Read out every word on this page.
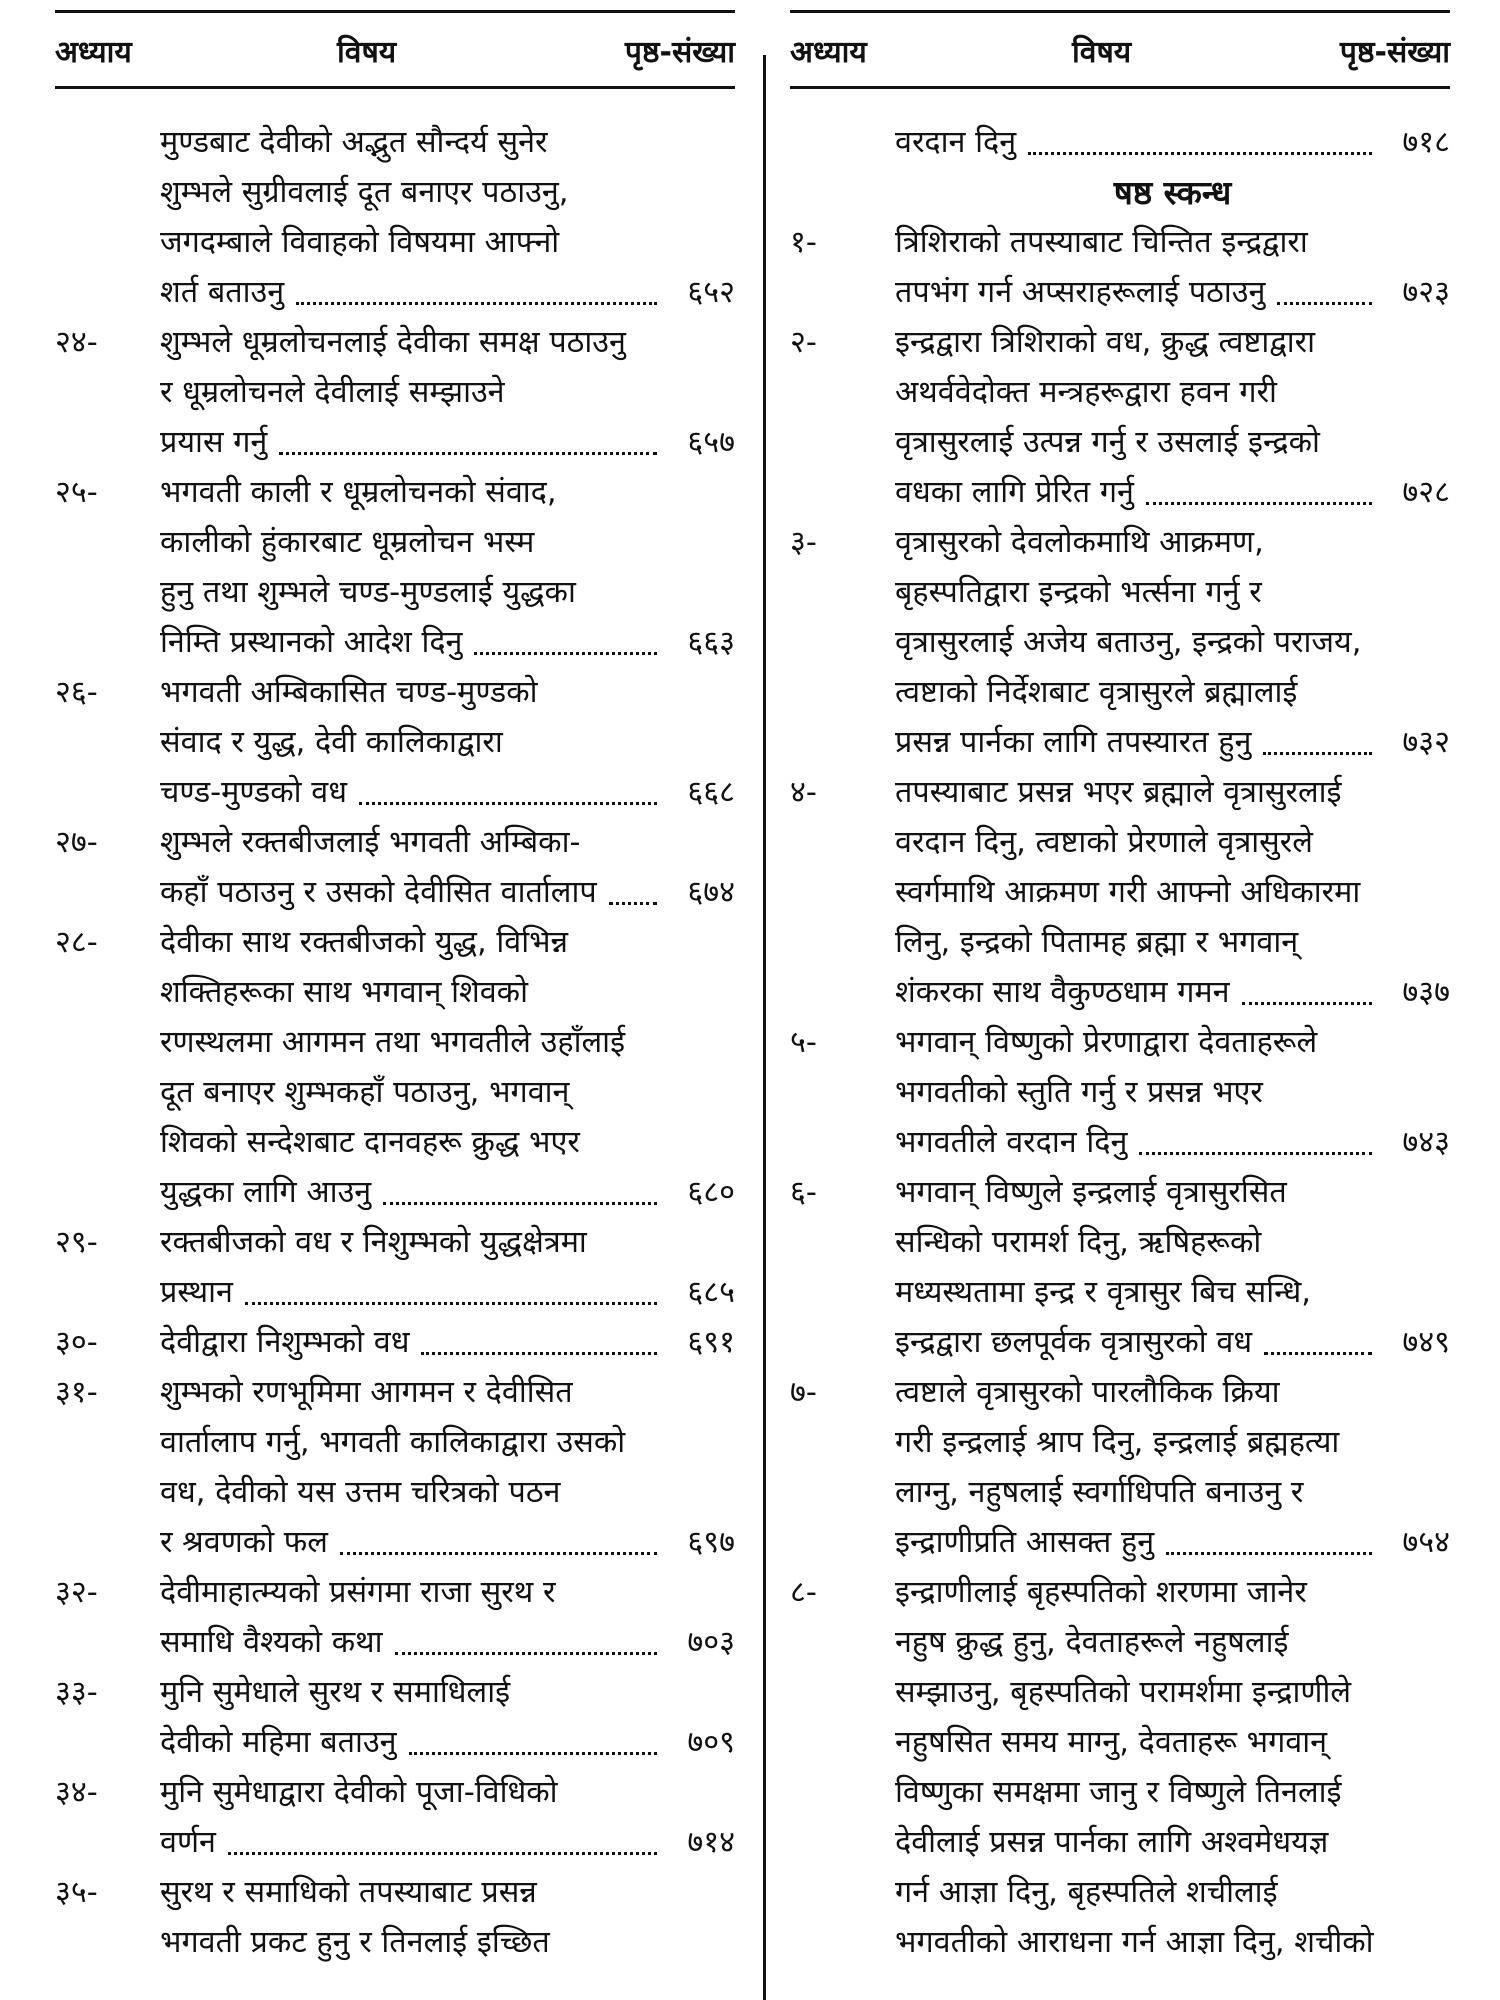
अध्याय	विषय	पृष्ठ-संख्या
मुण्डबाट देवीको अद्भुत सौन्दर्य सुनेर
शुम्भले सुग्रीवलाई दूत बनाएर पठाउनु,
जगदम्बाले विवाहको विषयमा आफ्नो
शर्त बताउनु	६५२
२४- शुम्भले धूम्रलोचनलाई देवीका समक्ष पठाउनु
र धूम्रलोचनले देवीलाई सम्झाउने
प्रयास गर्नु	६५७
२५- भगवती काली र धूम्रलोचनको संवाद,
कालीको हुंकारबाट धूम्रलोचन भस्म
हुनु तथा शुम्भले चण्ड-मुण्डलाई युद्धका
निम्ति प्रस्थानको आदेश दिनु	६६३
२६- भगवती अम्बिकासित चण्ड-मुण्डको
संवाद र युद्ध, देवी कालिकाद्वारा
चण्ड-मुण्डको वध	६६८
२७- शुम्भले रक्तबीजलाई भगवती अम्बिका-
कहाँ पठाउनु र उसको देवीसित वार्तालाप	६७४
२८- देवीका साथ रक्तबीजको युद्ध, विभिन्न
शक्तिहरूका साथ भगवान् शिवको
रणस्थलमा आगमन तथा भगवतीले उहाँलाई
दूत बनाएर शुम्भकहाँ पठाउनु, भगवान्
शिवको सन्देशबाट दानवहरू क्रुद्ध भएर
युद्धका लागि आउनु	६८०
२९- रक्तबीजको वध र निशुम्भको युद्धक्षेत्रमा
प्रस्थान	६८५
३०- देवीद्वारा निशुम्भको वध	६९१
३१- शुम्भको रणभूमिमा आगमन र देवीसित
वार्तालाप गर्नु, भगवती कालिकाद्वारा उसको
वध, देवीको यस उत्तम चरित्रको पठन
र श्रवणको फल	६९७
३२- देवीमाहात्म्यको प्रसंगमा राजा सुरथ र
समाधि वैश्यको कथा	७०३
३३- मुनि सुमेधाले सुरथ र समाधिलाई
देवीको महिमा बताउनु	७०९
३४- मुनि सुमेधाद्वारा देवीको पूजा-विधिको
वर्णन	७१४
३५- सुरथ र समाधिको तपस्याबाट प्रसन्न
भगवती प्रकट हुनु र तिनलाई इच्छित
अध्याय	विषय	पृष्ठ-संख्या
वरदान दिनु	७१८
षष्ठ स्कन्ध
१-	त्रिशिराको तपस्याबाट चिन्तित इन्द्रद्वारा
तपभंग गर्न अप्सराहरूलाई पठाउनु	७२३
२-	इन्द्रद्वारा त्रिशिराको वध, क्रुद्ध त्वष्टाद्वारा
अथर्ववेदोक्त मन्त्रहरूद्वारा हवन गरी
वृत्रासुरलाई उत्पन्न गर्नु र उसलाई इन्द्रको
वधका लागि प्रेरित गर्नु	७२८
३-	वृत्रासुरको देवलोकमाथि आक्रमण,
बृहस्पतिद्वारा इन्द्रको भर्त्सना गर्नु र
वृत्रासुरलाई अजेय बताउनु, इन्द्रको पराजय,
त्वष्टाको निर्देशबाट वृत्रासुरले ब्रह्मालाई
प्रसन्न पार्नका लागि तपस्यारत हुनु	७३२
४-	तपस्याबाट प्रसन्न भएर ब्रह्माले वृत्रासुरलाई
वरदान दिनु, त्वष्टाको प्रेरणाले वृत्रासुरले
स्वर्गमाथि आक्रमण गरी आफ्नो अधिकारमा
लिनु, इन्द्रको पितामह ब्रह्मा र भगवान्
शंकरका साथ वैकुण्ठधाम गमन	७३७
५-	भगवान् विष्णुको प्रेरणाद्वारा देवताहरूले
भगवतीको स्तुति गर्नु र प्रसन्न भएर
भगवतीले वरदान दिनु	७४३
६-	भगवान् विष्णुले इन्द्रलाई वृत्रासुरसित
सन्धिको परामर्श दिनु, ऋषिहरूको
मध्यस्थतामा इन्द्र र वृत्रासुर बिच सन्धि,
इन्द्रद्वारा छलपूर्वक वृत्रासुरको वध	७४९
७-	त्वष्टाले वृत्रासुरको पारलौकिक क्रिया
गरी इन्द्रलाई श्राप दिनु, इन्द्रलाई ब्रह्महत्या
लाग्नु, नहुषलाई स्वर्गाधिपति बनाउनु र
इन्द्राणीप्रति आसक्त हुनु	७५४
८-	इन्द्राणीलाई बृहस्पतिको शरणमा जानेर
नहुष क्रुद्ध हुनु, देवताहरूले नहुषलाई
सम्झाउनु, बृहस्पतिको परामर्शमा इन्द्राणीले
नहुषसित समय माग्नु, देवताहरू भगवान्
विष्णुका समक्षमा जानु र विष्णुले तिनलाई
देवीलाई प्रसन्न पार्नका लागि अश्वमेधयज्ञ
गर्न आज्ञा दिनु, बृहस्पतिले शचीलाई
भगवतीको आराधना गर्न आज्ञा दिनु, शचीको
